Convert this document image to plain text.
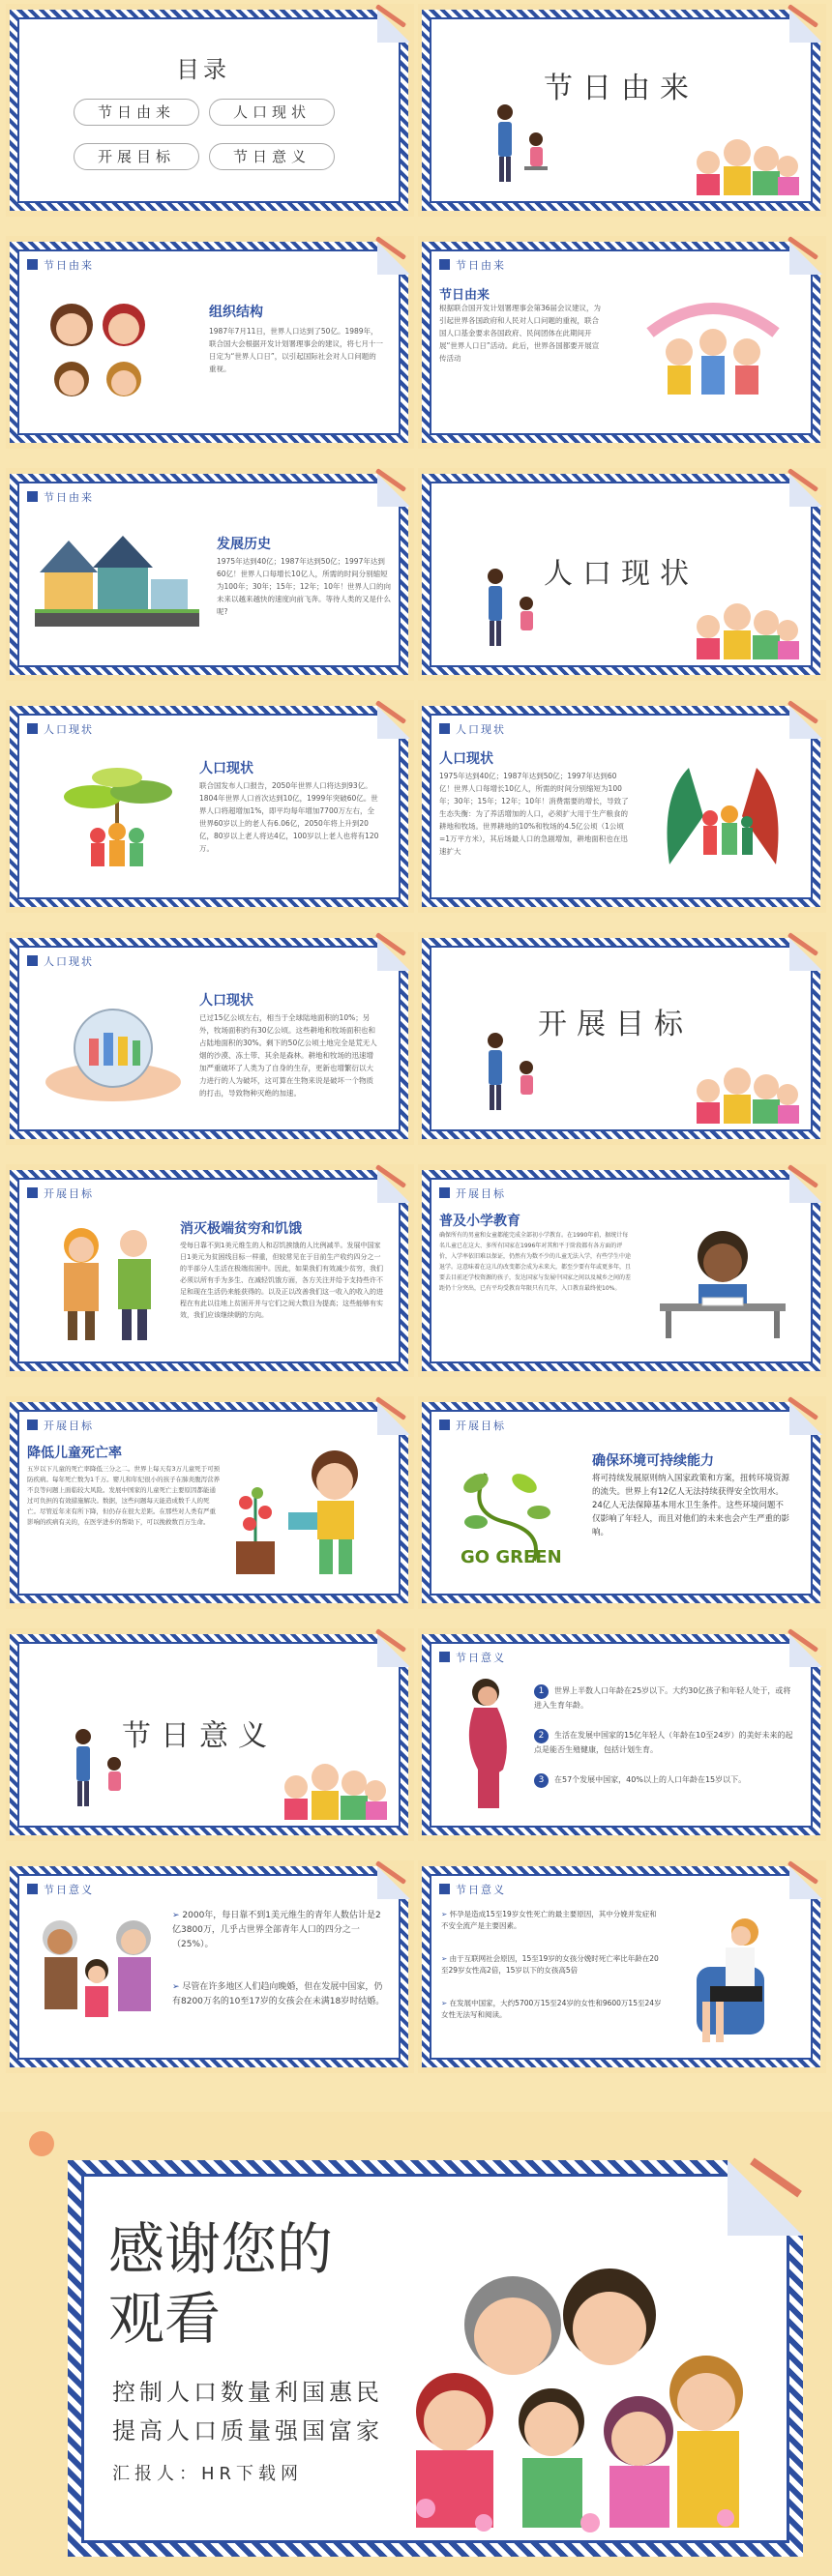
目录
节日由来	人口现状
开展目标	节日意义
节日由来
节日由来
组织结构
1987年7月11日，世界人口达到了50亿。1989年，联合国大会根据开发计划署理事会的建议，将七月十一日定为“世界人口日”，以引起国际社会对人口问题的重视。
节日由来
节日由来
根据联合国开发计划署理事会第36届会议建议，为引起世界各国政府和人民对人口问题的重视，联合国人口基金要求各国政府、民间团体在此期间开展“世界人口日”活动。此后，世界各国都要开展宣传活动
节日由来
发展历史
1975年达到40亿；1987年达到50亿；1997年达到60亿！世界人口每增长10亿人，所需的时间分别缩短为100年；30年；15年；12年；10年！世界人口的向未来以越来越快的速度向前飞奔。等待人类的又是什么呢?
人口现状
人口现状
人口现状
联合国发布人口报告，2050年世界人口将达到93亿。1804年世界人口首次达到10亿，1999年突破60亿。世界人口将超增加1%，即平均每年增加7700万左右，全世界60岁以上的老人有6.06亿，2050年将上升到20亿，80岁以上老人将达4亿，100岁以上老人也将有120万。
人口现状
人口现状
1975年达到40亿；1987年达到50亿；1997年达到60亿！世界人口每增长10亿人，所需的时间分别缩短为100年；30年；15年；12年；10年！消费需要的增长，导致了生态失衡：为了养活增加的人口，必须扩大用于生产粮食的耕地和牧场。世界耕地的10%和牧场的4.5亿公顷（1公顷=1万平方米），其后场最人口的急剧增加，耕地面积也在迅速扩大
人口现状
人口现状
已过15亿公顷左右，相当于全球陆地面积的10%；另外，牧场面积约有30亿公顷。这些耕地和牧场面积也和占陆地面积的30%。剩下的50亿公顷土地完全是荒无人烟的沙漠、冻土带、其余是森林。耕地和牧场的迅速增加严重破坏了人类为了自身的生存，更新也增繁衍以大力进行的人为破坏，这可算在生物来说是破坏一个物质的打击，导致物种灭绝的加速。
开展目标
开展目标
消灭极端贫穷和饥饿
受每日靠不到1美元维生的人和忍饥挨饿的人比例减半。发展中国家日1美元为贫困线目标一样重，但较常见在于目前生产收约四分之一的半部分人生活在极端贫困中。因此，如果我们有效减少贫穷，我们必须以所有手为多生、在减轻饥饿方面，各方关注并给予支持些许不足和现在生活仍来能获得的。以及正以改善我们这一收入的收入的进程在有此以往地上贫困开并与它们之间大数目为提高；这些能够有实效，我们应该继续朝的方向。
开展目标
普及小学教育
确保所有的男童和女童都能完成全部初小学教育。在1990年前，据统计每名儿童已在这大、多所有国家在1996年对其和平于阶段都有各方面的评价，入学率依旧难以保证，仍然有为数不少的儿童无法入学，有些学生中途退学。这意味着在这儿的改变都会成为未来大，都至少要有年或更多年，且要去目前还学校资源的孩子，发达国家与发展中国家之间以及城乡之间的差距仍十分突出，已有平均受教育年限只有几年，入口教育最终使10%。
开展目标
降低儿童死亡率
五岁以下儿童的死亡率降低三分之二。世界上每天有3万儿童死于可预防疾病。每年死亡数为1千万。婴儿和年纪很小的孩子在肺炎腹泻营养不良等问题上面临较大风险。发展中国家的儿童死亡主要原因都能通过可负担的有效措施解决。数据，这些问题每天能造成数千人的死亡。尽管近年来有所下降，但仍存在很大差距。在那些对人类有严重影响的疾病有关的，在医学进步的帮助下，可以挽救数百万生命。
开展目标
GO GREEN
确保环境可持续能力
将可持续发展原则纳入国家政策和方案，扭转环境资源的流失。世界上有12亿人无法持续获得安全饮用水。24亿人无法保障基本用水卫生条件。这些环境问题不仅影响了年轻人，而且对他们的未来也会产生严重的影响。
节日意义
节日意义
1 世界上半数人口年龄在25岁以下。大约30亿孩子和年轻人处于，或将进入生育年龄。
2 生活在发展中国家的15亿年轻人（年龄在10至24岁）的美好未来的起点是能否生殖健康，包括计划生育。
3 在57个发展中国家，40%以上的人口年龄在15岁以下。
节日意义
➢ 2000年，每日靠不到1美元维生的青年人数估计是2亿3800万，几乎占世界全部青年人口的四分之一（25%）。
➢ 尽管在许多地区人们趋向晚婚，但在发展中国家，仍有8200万名的10至17岁的女孩会在未满18岁时结婚。
节日意义
➢ 怀孕是造成15至19岁女性死亡的最主要原因，其中分娩并发症和不安全流产是主要因素。
➢ 由于互联网社会原因，15至19岁的女孩分娩时死亡率比年龄在20至29岁女性高2倍，15岁以下的女孩高5倍
➢ 在发展中国家，大约5700万15至24岁的女性和9600万15至24岁女性无法写和阅读。
感谢您的
观看
控制人口数量利国惠民
提高人口质量强国富家
汇报人：HR下载网
